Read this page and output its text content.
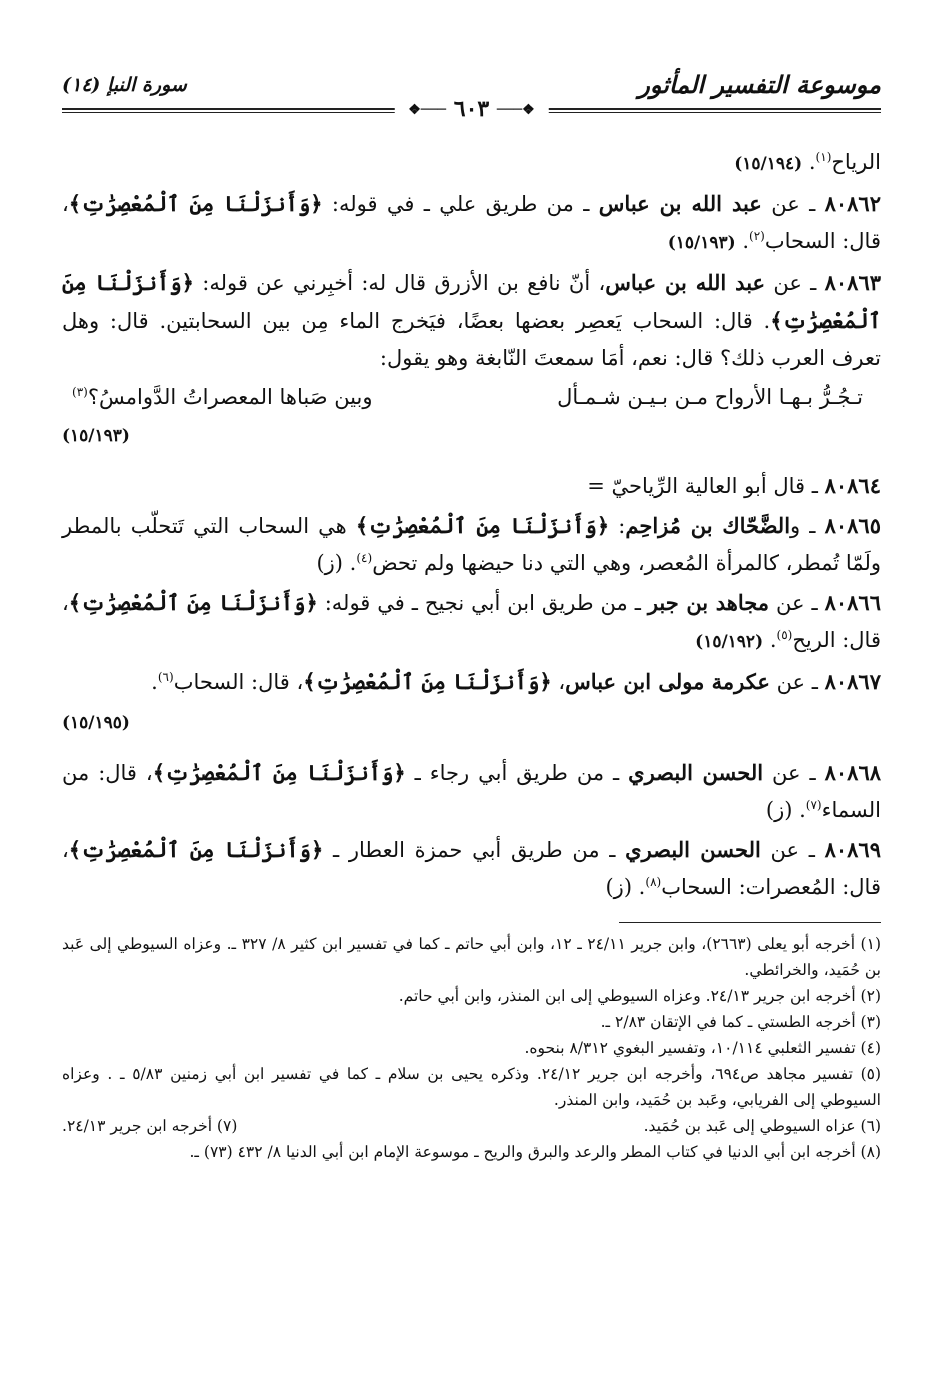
موسوعة التفسير المأثور
سورة النبإ (١٤)
❖─── ٦٠٣ ───❖

الرياح$^{(١)}$. (١٥/١٩٤)

٨٠٨٦٢ ـ عن عبد الله بن عباس ـ من طريق علي ـ في قوله: ﴿وَأَنزَلْنَا مِنَ ٱلْمُعْصِرَٰتِ﴾، قال: السحاب$^{(٢)}$. (١٥/١٩٣)

٨٠٨٦٣ ـ عن عبد الله بن عباس، أنّ نافع بن الأزرق قال له: أخبِرني عن قوله: ﴿وَأَنزَلْنَا مِنَ ٱلْمُعْصِرَٰتِ﴾. قال: السحاب يَعصِر بعضها بعضًا، فيَخرج الماء مِن بين السحابتين. قال: وهل تعرف العرب ذلك؟ قال: نعم، أمَا سمعتَ النّابغة وهو يقول:

تـجُـرُّ بـهـا الأرواح مـن بـيـن شـمـأل
وبين صَباها المعصراتُ الدَّوامسُ؟$^{(٣)}$

(١٥/١٩٣)

٨٠٨٦٤ ـ قال أبو العالية الرِّياحيّ =

٨٠٨٦٥ ـ والضَّحّاك بن مُزاحِم: ﴿وَأَنزَلْنَا مِنَ ٱلْمُعْصِرَٰتِ﴾ هي السحاب التي تَتحلّب بالمطر ولَمّا تُمطر، كالمرأة المُعصر، وهي التي دنا حيضها ولم تحض$^{(٤)}$. (ز)

٨٠٨٦٦ ـ عن مجاهد بن جبر ـ من طريق ابن أبي نجيح ـ في قوله: ﴿وَأَنزَلْنَا مِنَ ٱلْمُعْصِرَٰتِ﴾، قال: الريح$^{(٥)}$. (١٥/١٩٢)

٨٠٨٦٧ ـ عن عكرمة مولى ابن عباس، ﴿وَأَنزَلْنَا مِنَ ٱلْمُعْصِرَٰتِ﴾، قال: السحاب$^{(٦)}$.

(١٥/١٩٥)

٨٠٨٦٨ ـ عن الحسن البصري ـ من طريق أبي رجاء ـ ﴿وَأَنزَلْنَا مِنَ ٱلْمُعْصِرَٰتِ﴾، قال: من السماء$^{(٧)}$. (ز)

٨٠٨٦٩ ـ عن الحسن البصري ـ من طريق أبي حمزة العطار ـ ﴿وَأَنزَلْنَا مِنَ ٱلْمُعْصِرَٰتِ﴾، قال: المُعصرات: السحاب$^{(٨)}$. (ز)

(١) أخرجه أبو يعلى (٢٦٦٣)، وابن جرير ٢٤/١١ ـ ١٢، وابن أبي حاتم ـ كما في تفسير ابن كثير ٨/ ٣٢٧ ـ. وعزاه السيوطي إلى عَبد بن حُمَيد، والخرائطي.

(٢) أخرجه ابن جرير ٢٤/١٣. وعزاه السيوطي إلى ابن المنذر، وابن أبي حاتم.

(٣) أخرجه الطستي ـ كما في الإتقان ٢/٨٣ ـ.

(٤) تفسير الثعلبي ١٠/١١٤، وتفسير البغوي ٨/٣١٢ بنحوه.

(٥) تفسير مجاهد ص٦٩٤، وأخرجه ابن جرير ٢٤/١٢. وذكره يحيى بن سلام ـ كما في تفسير ابن أبي زمنين ٥/٨٣ ـ . وعزاه السيوطي إلى الفريابي، وعَبد بن حُمَيد، وابن المنذر.

(٦) عزاه السيوطي إلى عَبد بن حُمَيد.
(٧) أخرجه ابن جرير ٢٤/١٣.

(٨) أخرجه ابن أبي الدنيا في كتاب المطر والرعد والبرق والريح ـ موسوعة الإمام ابن أبي الدنيا ٨/ ٤٣٢ (٧٣) ـ.
